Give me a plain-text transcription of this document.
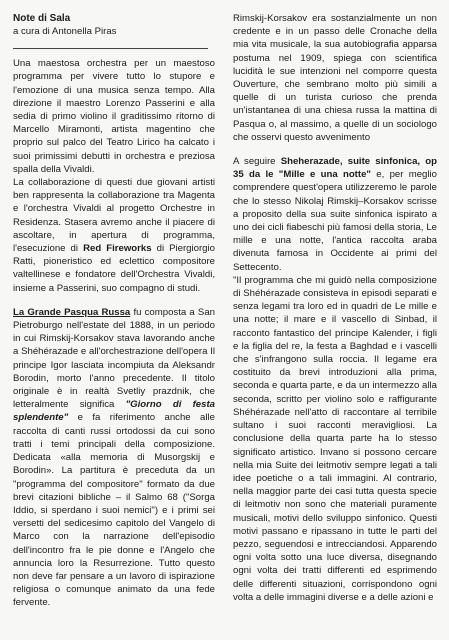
Note di Sala
a cura di Antonella Piras

Una maestosa orchestra per un maestoso programma per vivere tutto lo stupore e l'emozione di una musica senza tempo. Alla direzione il maestro Lorenzo Passerini e alla sedia di primo violino il graditissimo ritorno di Marcello Miramonti, artista magentino che proprio sul palco del Teatro Lirico ha calcato i suoi primissimi debutti in orchestra e preziosa spalla della Vivaldi.
La collaborazione di questi due giovani artisti ben rappresenta la collaborazione tra Magenta e l'orchestra Vivaldi al progetto Orchestre in Residenza. Stasera avremo anche il piacere di ascoltare, in apertura di programma, l'esecuzione di Red Fireworks di Piergiorgio Ratti, pioneristico ed eclettico compositore valtellinese e fondatore dell'Orchestra Vivaldi, insieme a Passerini, suo compagno di studi.

La Grande Pasqua Russa fu composta a San Pietroburgo nell'estate del 1888, in un periodo in cui Rimskij-Korsakov stava lavorando anche a Shéhérazade e all'orchestrazione dell'opera Il principe Igor lasciata incompiuta da Aleksandr Borodin, morto l'anno precedente. Il titolo originale è in realtà Svetliy prazdnik, che letteralmente significa "Giorno di festa splendente" e fa riferimento anche alle raccolta di canti russi ortodossi da cui sono tratti i temi principali della composizione. Dedicata «alla memoria di Musorgskij e Borodin». La partitura è preceduta da un "programma del compositore" formato da due brevi citazioni bibliche – il Salmo 68 ("Sorga Iddio, si sperdano i suoi nemici") e i primi sei versetti del sedicesimo capitolo del Vangelo di Marco con la narrazione dell'episodio dell'incontro fra le pie donne e l'Angelo che annuncia loro la Resurrezione. Tutto questo non deve far pensare a un lavoro di ispirazione religiosa o comunque animato da una fede fervente.

Rimskij-Korsakov era sostanzialmente un non credente e in un passo delle Cronache della mia vita musicale, la sua autobiografia apparsa postuma nel 1909, spiega con scientifica lucidità le sue intenzioni nel comporre questa Ouverture, che sembrano molto più simili a quelle di un turista curioso che prenda un'istantanea di una chiesa russa la mattina di Pasqua o, al massimo, a quelle di un sociologo che osservi questo avvenimento

A seguire Sheherazade, suite sinfonica, op 35 da le "Mille e una notte" e, per meglio comprendere quest'opera utilizzeremo le parole che lo stesso Nikolaj Rimskij–Korsakov scrisse a proposito della sua suite sinfonica ispirato a uno dei cicli fiabeschi più famosi della storia, Le mille e una notte, l'antica raccolta araba divenuta famosa in Occidente ai primi del Settecento.

"Il programma che mi guidò nella composizione di Shéhérazade consisteva in episodi separati e senza legami tra loro ed in quadri de Le mille e una notte; il mare e il vascello di Sinbad, il racconto fantastico del principe Kalender, i figli e la figlia del re, la festa a Baghdad e i vascelli che s'infrangono sulla roccia. Il legame era costituito da brevi introduzioni alla prima, seconda e quarta parte, e da un intermezzo alla seconda, scritto per violino solo e raffigurante Shéhérazade nell'atto di raccontare al terribile sultano i suoi racconti meravigliosi. La conclusione della quarta parte ha lo stesso significato artistico. Invano si possono cercare nella mia Suite dei leitmotiv sempre legati a tali idee poetiche o a tali immagini. Al contrario, nella maggior parte dei casi tutta questa specie di leitmotiv non sono che materiali puramente musicali, motivi dello sviluppo sinfonico. Questi motivi passano e ripassano in tutte le parti del pezzo, seguendosi e intrecciandosi. Apparendo ogni volta sotto una luce diversa, disegnando ogni volta dei tratti differenti ed esprimendo delle differenti situazioni, corrispondono ogni volta a delle immagini diverse e a delle azioni e
